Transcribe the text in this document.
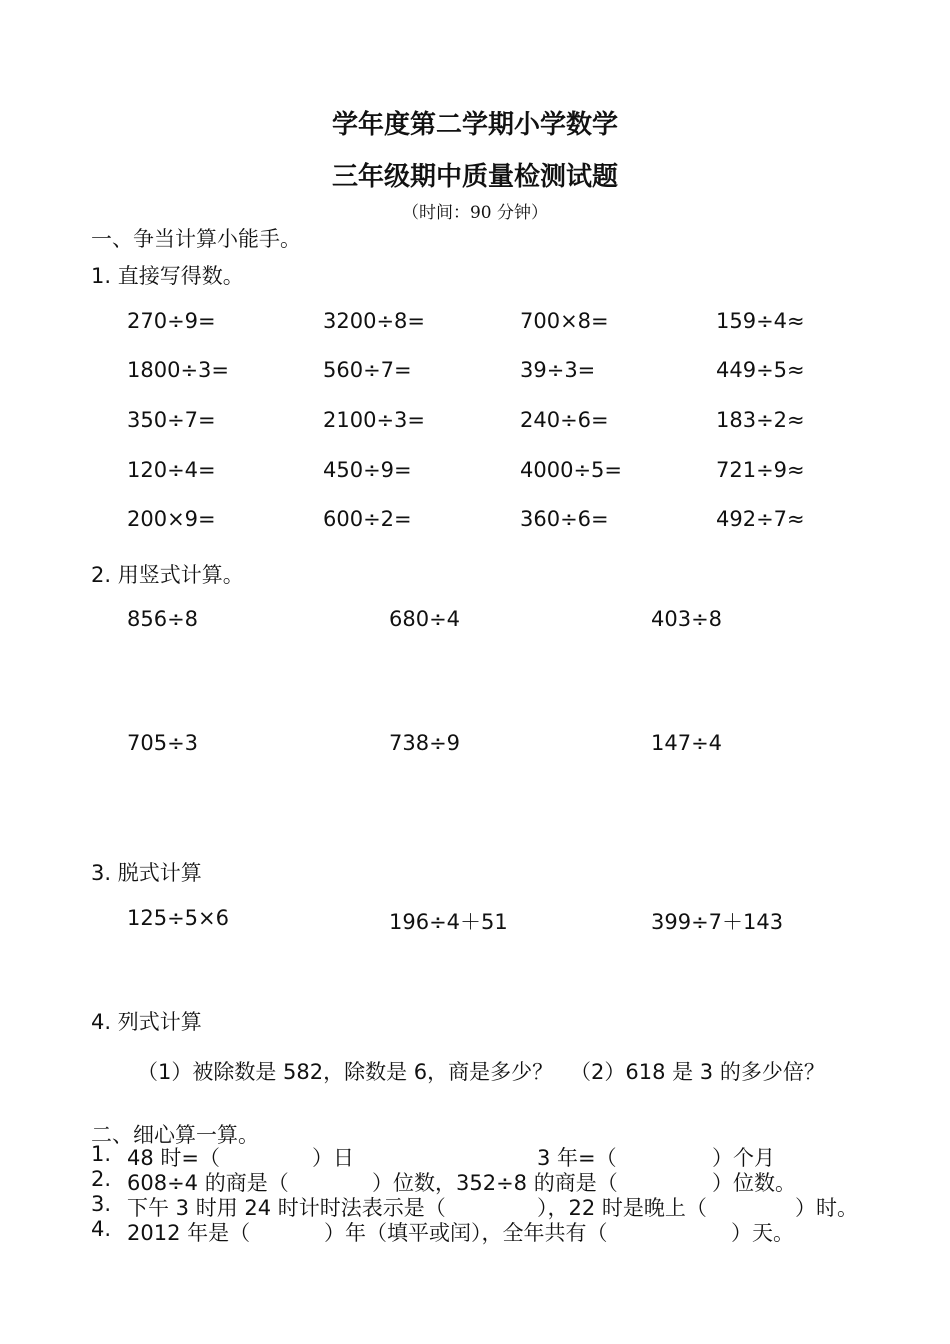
学年度第二学期小学数学
三年级期中质量检测试题
（时间：90 分钟）
一、争当计算小能手。
1. 直接写得数。
270÷9=	3200÷8=	700×8=	159÷4≈
1800÷3=	560÷7=	39÷3=	449÷5≈
350÷7=	2100÷3=	240÷6=	183÷2≈
120÷4=	450÷9=	4000÷5=	721÷9≈
200×9=	600÷2=	360÷6=	492÷7≈
2. 用竖式计算。
856÷8	680÷4	403÷8
705÷3	738÷9	147÷4
3. 脱式计算
125÷5×6	196÷4＋51	399÷7＋143
4. 列式计算
（1）被除数是 582，除数是 6，商是多少？ （2）618 是 3 的多少倍？
二、细心算一算。
1. 48 时=（	）日	3 年=（	）个月
2. 608÷4 的商是（	）位数，352÷8 的商是（	）位数。
3. 下午 3 时用 24 时计时法表示是（	），22 时是晚上（	）时。
4. 2012 年是（	）年（填平或闰），全年共有（	）天。
